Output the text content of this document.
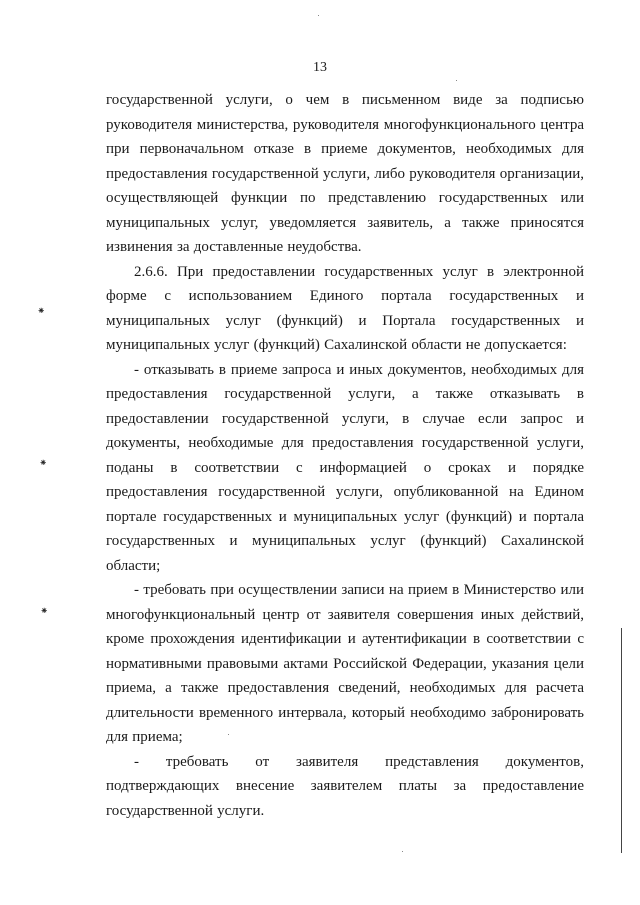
13

государственной услуги, о чем в письменном виде за подписью руководителя министерства, руководителя многофункционального центра при первоначальном отказе в приеме документов, необходимых для предоставления государственной услуги, либо руководителя организации, осуществляющей функции по представлению государственных или муниципальных услуг, уведомляется заявитель, а также приносятся извинения за доставленные неудобства.

2.6.6. При предоставлении государственных услуг в электронной форме с использованием Единого портала государственных и муниципальных услуг (функций) и Портала государственных и муниципальных услуг (функций) Сахалинской области не допускается:

- отказывать в приеме запроса и иных документов, необходимых для предоставления государственной услуги, а также отказывать в предоставлении государственной услуги, в случае если запрос и документы, необходимые для предоставления государственной услуги, поданы в соответствии с информацией о сроках и порядке предоставления государственной услуги, опубликованной на Едином портале государственных и муниципальных услуг (функций) и портала государственных и муниципальных услуг (функций) Сахалинской области;

- требовать при осуществлении записи на прием в Министерство или многофункциональный центр от заявителя совершения иных действий, кроме прохождения идентификации и аутентификации в соответствии с нормативными правовыми актами Российской Федерации, указания цели приема, а также предоставления сведений, необходимых для расчета длительности временного интервала, который необходимо забронировать для приема;

- требовать от заявителя представления документов, подтверждающих внесение заявителем платы за предоставление государственной услуги.

⁕
⁕
⁕
